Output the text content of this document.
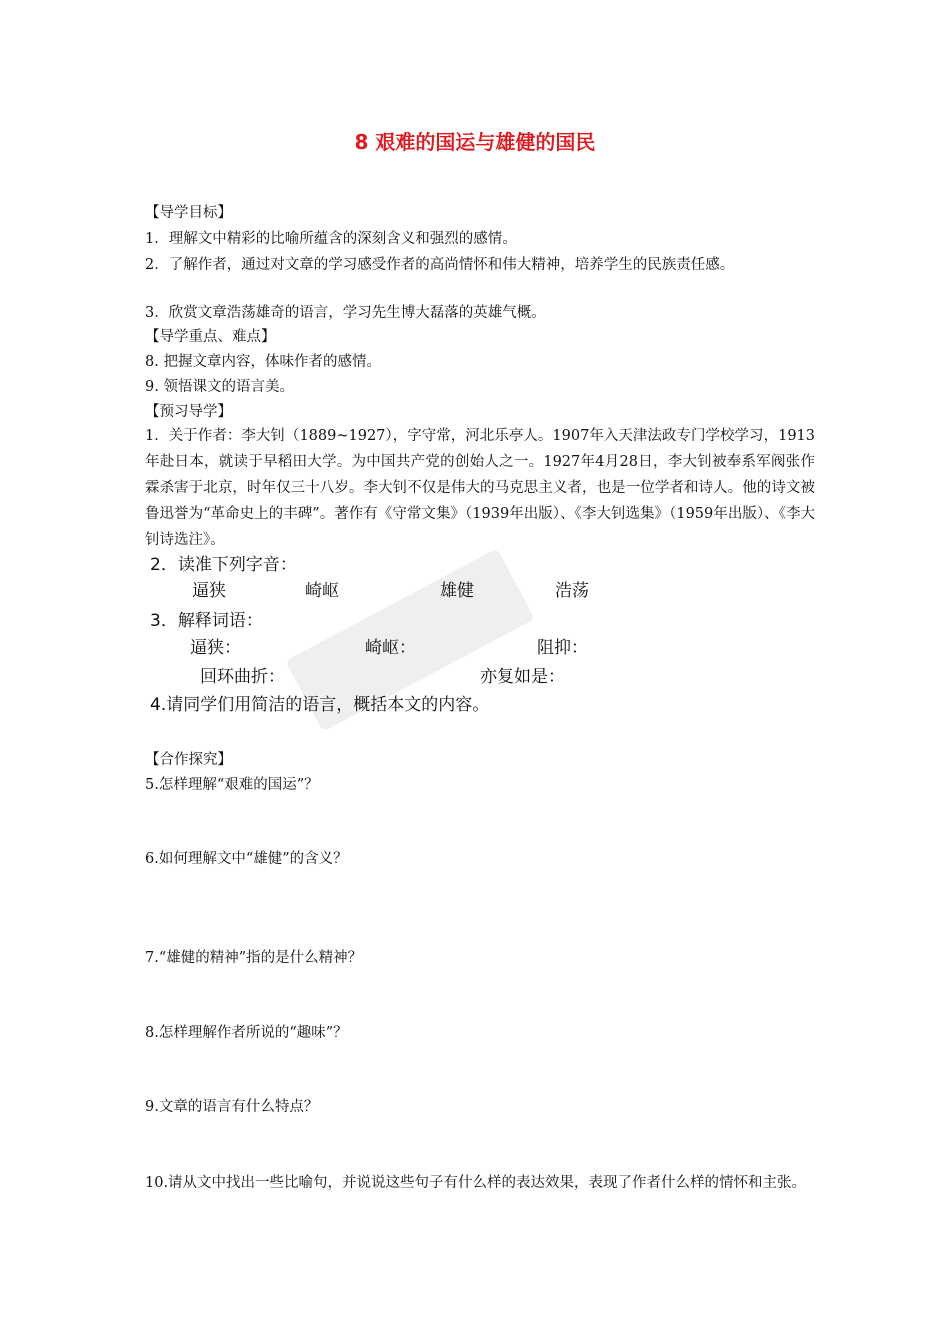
8 艰难的国运与雄健的国民
【导学目标】
1．理解文中精彩的比喻所蕴含的深刻含义和强烈的感情。
2．了解作者，通过对文章的学习感受作者的高尚情怀和伟大精神，培养学生的民族责任感。
3．欣赏文章浩荡雄奇的语言，学习先生博大磊落的英雄气概。
【导学重点、难点】
8. 把握文章内容，体味作者的感情。
9. 领悟课文的语言美。
【预习导学】
1．关于作者：李大钊（1889~1927），字守常，河北乐亭人。1907年入天津法政专门学校学习，1913年赴日本，就读于早稻田大学。为中国共产党的创始人之一。1927年4月28日，李大钊被奉系军阀张作霖杀害于北京，时年仅三十八岁。李大钊不仅是伟大的马克思主义者，也是一位学者和诗人。他的诗文被鲁迅誉为“革命史上的丰碑”。著作有《守常文集》（1939年出版）、《李大钊选集》（1959年出版）、《李大钊诗选注》。
2．读准下列字音：
逼狭	崎岖	雄健	浩荡
3．解释词语：
逼狭：	崎岖：	阻抑：
回环曲折：	亦复如是：
4.请同学们用简洁的语言，概括本文的内容。
【合作探究】
5.怎样理解“艰难的国运”？
6.如何理解文中“雄健”的含义？
7.“雄健的精神”指的是什么精神？
8.怎样理解作者所说的“趣味”？
9.文章的语言有什么特点？
10.请从文中找出一些比喻句，并说说这些句子有什么样的表达效果，表现了作者什么样的情怀和主张。
